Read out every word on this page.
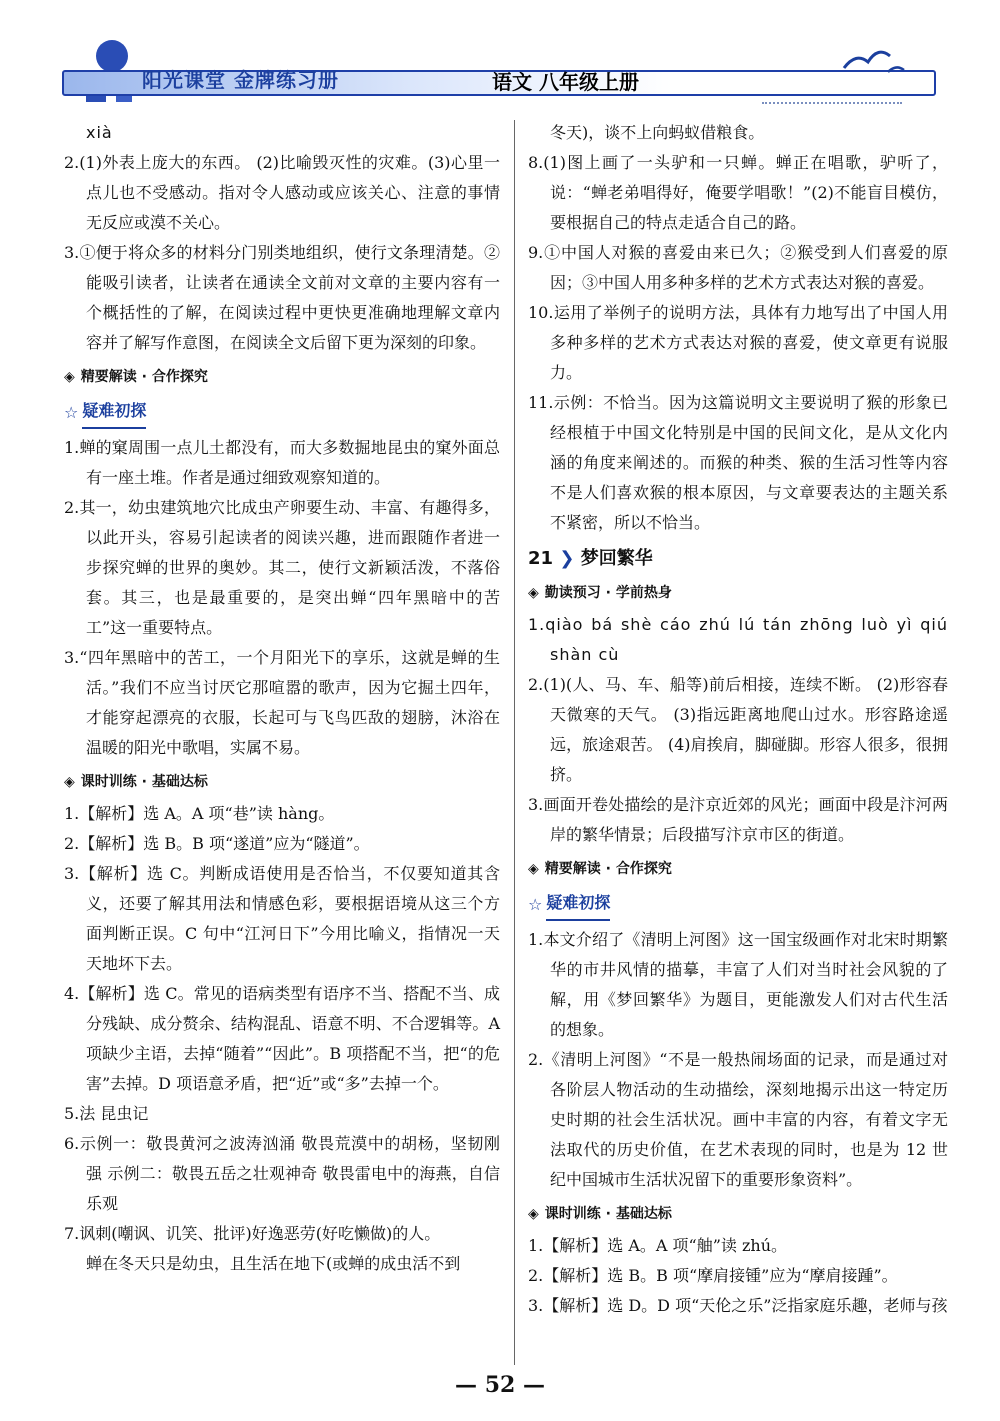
阳光课堂 金牌练习册	语文 八年级上册

xià

2.(1)外表上庞大的东西。 (2)比喻毁灭性的灾难。(3)心里一点儿也不受感动。指对令人感动或应该关心、注意的事情无反应或漠不关心。

3.①便于将众多的材料分门别类地组织，使行文条理清楚。②能吸引读者，让读者在通读全文前对文章的主要内容有一个概括性的了解，在阅读过程中更快更准确地理解文章内容并了解写作意图，在阅读全文后留下更为深刻的印象。

◈ 精要解读 · 合作探究
☆ 疑难初探

1.蝉的窠周围一点儿土都没有，而大多数掘地昆虫的窠外面总有一座土堆。作者是通过细致观察知道的。

2.其一，幼虫建筑地穴比成虫产卵要生动、丰富、有趣得多，以此开头，容易引起读者的阅读兴趣，进而跟随作者进一步探究蝉的世界的奥妙。其二，使行文新颖活泼，不落俗套。其三，也是最重要的，是突出蝉“四年黑暗中的苦工”这一重要特点。

3.“四年黑暗中的苦工，一个月阳光下的享乐，这就是蝉的生活。”我们不应当讨厌它那喧嚣的歌声，因为它掘土四年，才能穿起漂亮的衣服，长起可与飞鸟匹敌的翅膀，沐浴在温暖的阳光中歌唱，实属不易。

◈ 课时训练 · 基础达标

1.【解析】选 A。A 项“巷”读 hàng。

2.【解析】选 B。B 项“遂道”应为“隧道”。

3.【解析】选 C。判断成语使用是否恰当，不仅要知道其含义，还要了解其用法和情感色彩，要根据语境从这三个方面判断正误。C 句中“江河日下”今用比喻义，指情况一天天地坏下去。

4.【解析】选 C。常见的语病类型有语序不当、搭配不当、成分残缺、成分赘余、结构混乱、语意不明、不合逻辑等。A 项缺少主语，去掉“随着”“因此”。B 项搭配不当，把“的危害”去掉。D 项语意矛盾，把“近”或“多”去掉一个。

5.法 昆虫记

6.示例一：敬畏黄河之波涛汹涌 敬畏荒漠中的胡杨，坚韧刚强 示例二：敬畏五岳之壮观神奇 敬畏雷电中的海燕，自信乐观

7.讽刺(嘲讽、讥笑、批评)好逸恶劳(好吃懒做)的人。

蝉在冬天只是幼虫，且生活在地下(或蝉的成虫活不到

冬天)，谈不上向蚂蚁借粮食。

8.(1)图上画了一头驴和一只蝉。蝉正在唱歌，驴听了，说：“蝉老弟唱得好，俺要学唱歌！”(2)不能盲目模仿，要根据自己的特点走适合自己的路。

9.①中国人对猴的喜爱由来已久；②猴受到人们喜爱的原因；③中国人用多种多样的艺术方式表达对猴的喜爱。

10.运用了举例子的说明方法，具体有力地写出了中国人用多种多样的艺术方式表达对猴的喜爱，使文章更有说服力。

11.示例：不恰当。因为这篇说明文主要说明了猴的形象已经根植于中国文化特别是中国的民间文化，是从文化内涵的角度来阐述的。而猴的种类、猴的生活习性等内容不是人们喜欢猴的根本原因，与文章要表达的主题关系不紧密，所以不恰当。

21 ❯ 梦回繁华
◈ 勤读预习 · 学前热身

1.qiào bá shè cáo zhú lú tán zhōng luò yì qiú shàn cù

2.(1)(人、马、车、船等)前后相接，连续不断。 (2)形容春天微寒的天气。 (3)指远距离地爬山过水。形容路途遥远，旅途艰苦。 (4)肩挨肩，脚碰脚。形容人很多，很拥挤。

3.画面开卷处描绘的是汴京近郊的风光；画面中段是汴河两岸的繁华情景；后段描写汴京市区的街道。

◈ 精要解读 · 合作探究
☆ 疑难初探

1.本文介绍了《清明上河图》这一国宝级画作对北宋时期繁华的市井风情的描摹，丰富了人们对当时社会风貌的了解，用《梦回繁华》为题目，更能激发人们对古代生活的想象。

2.《清明上河图》“不是一般热闹场面的记录，而是通过对各阶层人物活动的生动描绘，深刻地揭示出这一特定历史时期的社会生活状况。画中丰富的内容，有着文字无法取代的历史价值，在艺术表现的同时，也是为 12 世纪中国城市生活状况留下的重要形象资料”。

◈ 课时训练 · 基础达标

1.【解析】选 A。A 项“舳”读 zhú。

2.【解析】选 B。B 项“摩肩接锺”应为“摩肩接踵”。

3.【解析】选 D。D 项“天伦之乐”泛指家庭乐趣，老师与孩

— 52 —
